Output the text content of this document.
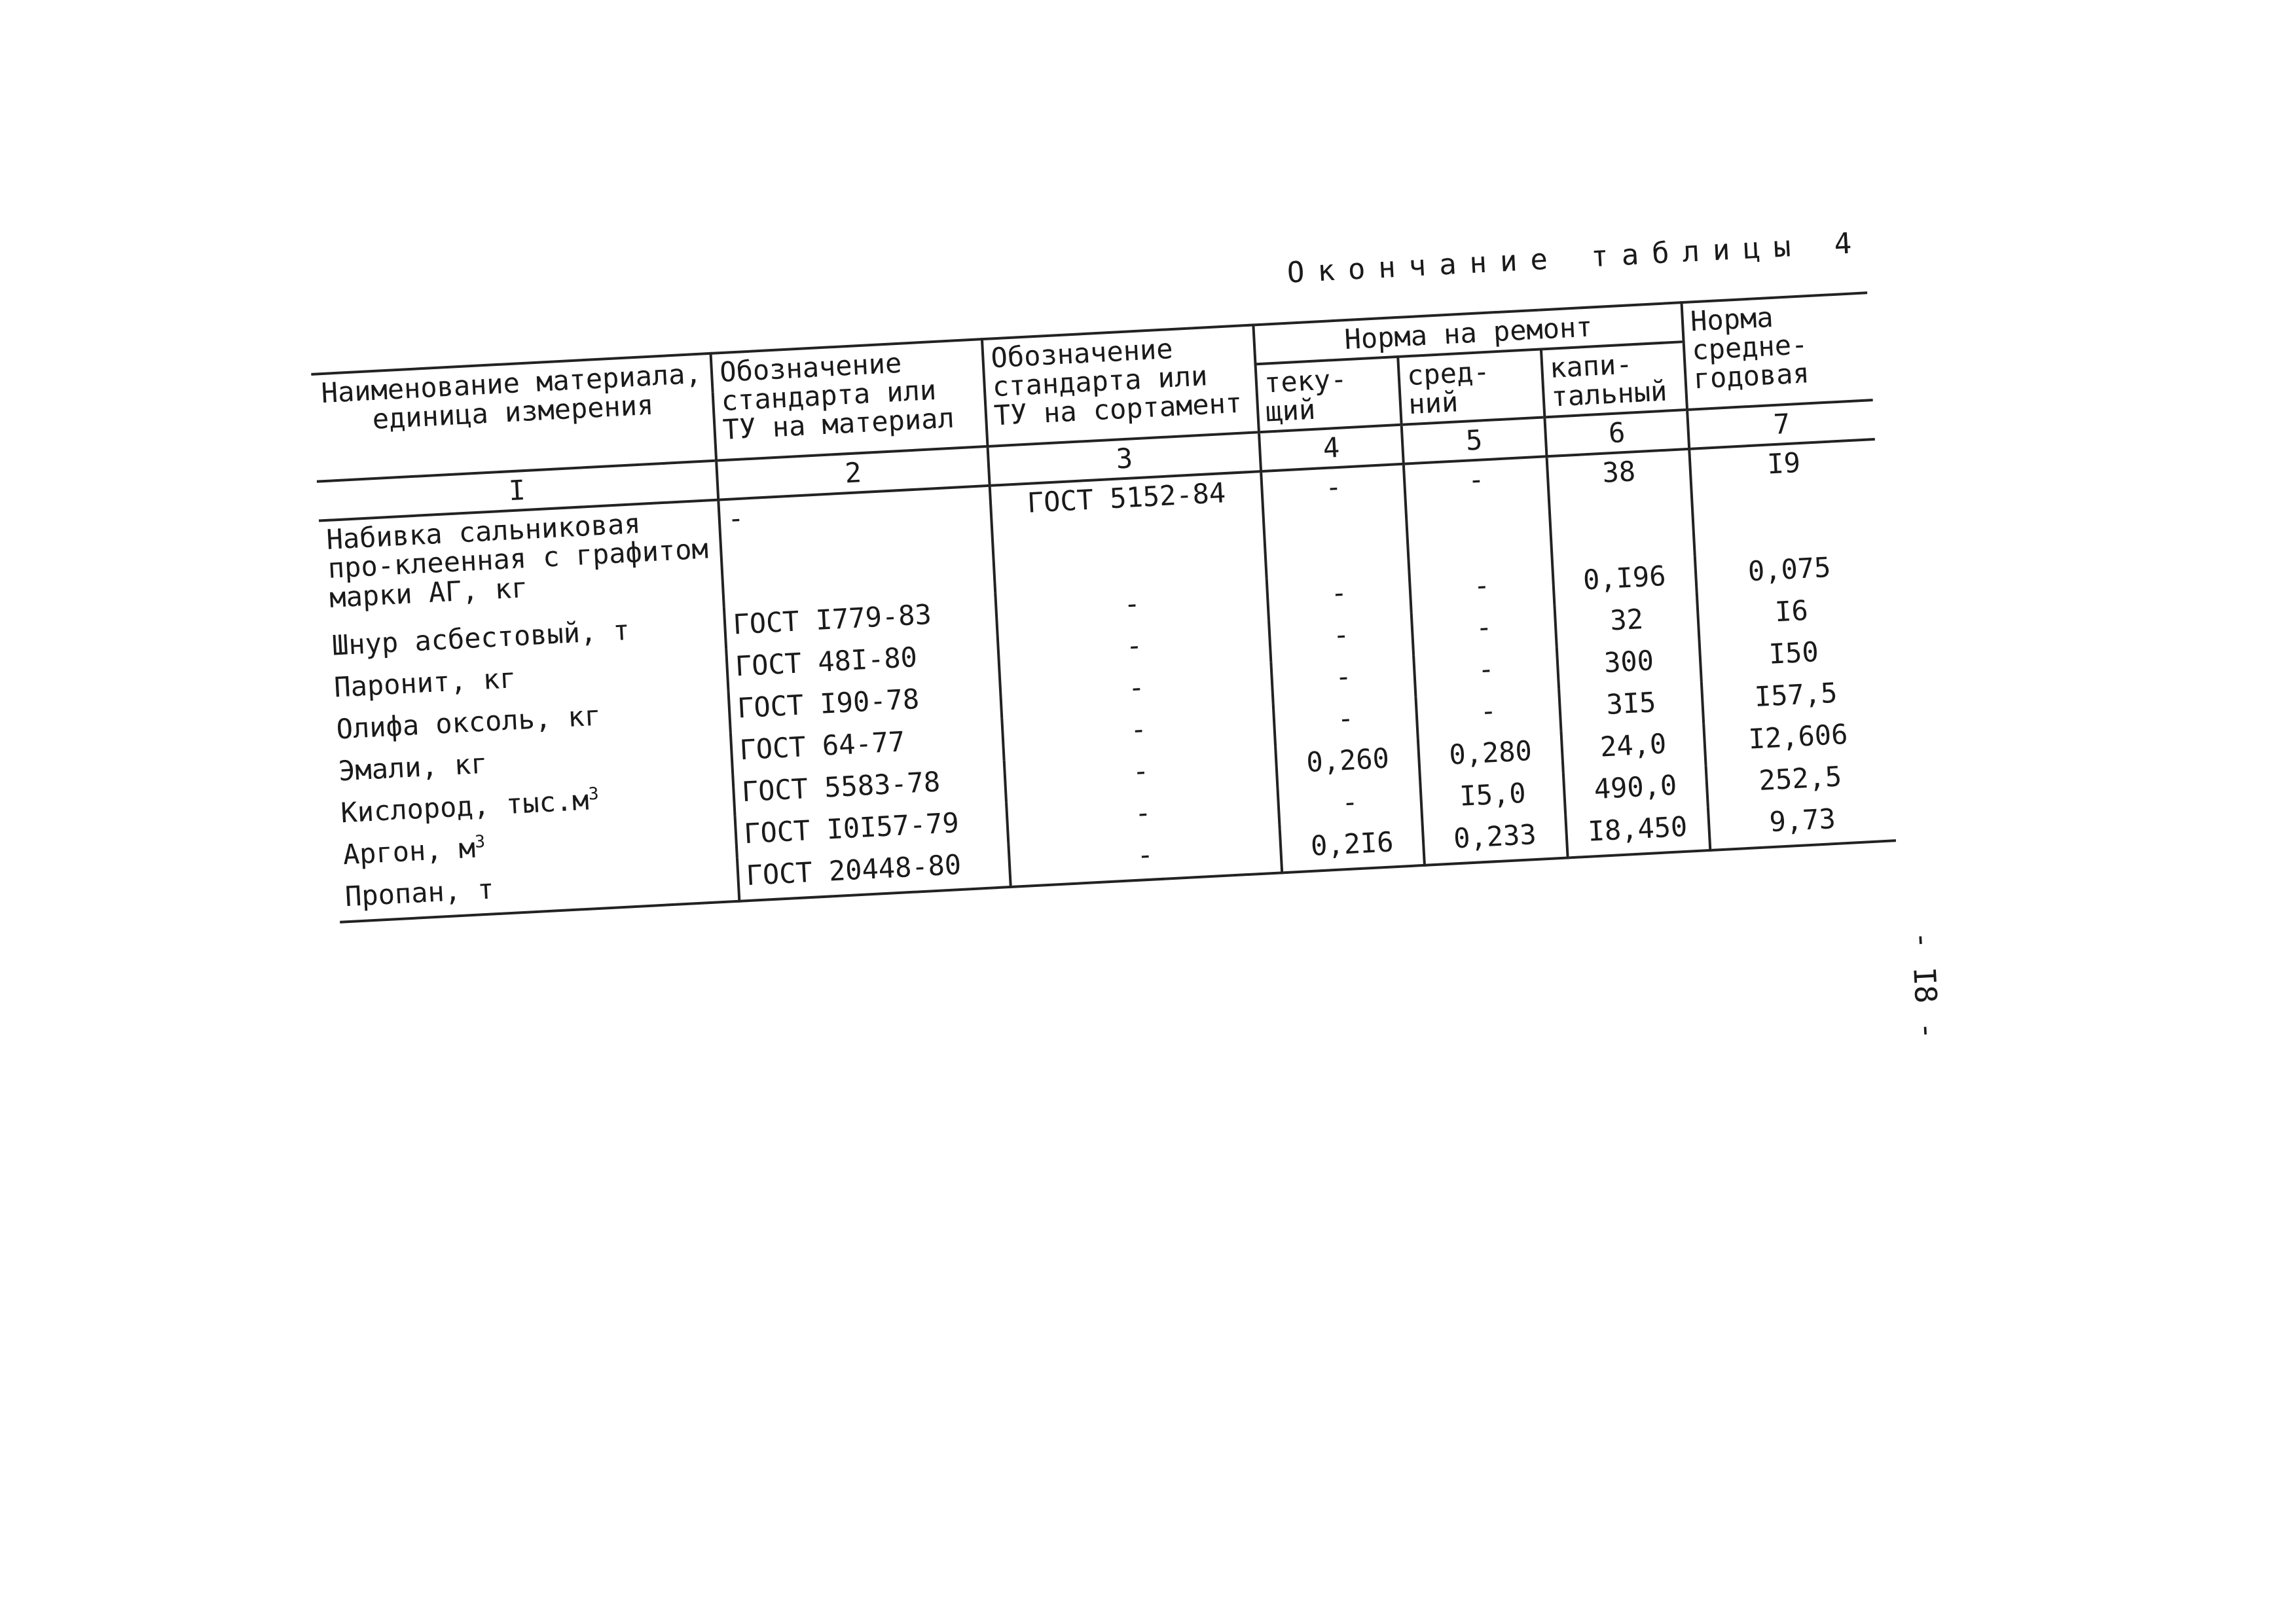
Окончание таблицы 4

Наименование материала, единица измерения	Обозначение стандарта или ТУ на материал	Обозначение стандарта или ТУ на сортамент	Норма на ремонт			Норма средне-годовая
			теку-щий	сред-ний	капи-тальный	
I	2	3	4	5	6	7
Набивка сальниковая про-клеенная с графитом марки АГ, кг	-	ГОСТ 5152-84	-	-	38	I9
Шнур асбестовый, т	ГОСТ I779-83	-	-	-	0,I96	0,075
Паронит, кг	ГОСТ 48I-80	-	-	-	32	I6
Олифа оксоль, кг	ГОСТ I90-78	-	-	-	300	I50
Эмали, кг	ГОСТ 64-77	-	-	-	3I5	I57,5
Кислород, $тыс.м^3$	ГОСТ 5583-78	-	0,260	0,280	24,0	I2,606
Аргон, $м^3$	ГОСТ I0I57-79	-	-	I5,0	490,0	252,5
Пропан, т	ГОСТ 20448-80	-	0,2I6	0,233	I8,450	9,73
- I8 -
